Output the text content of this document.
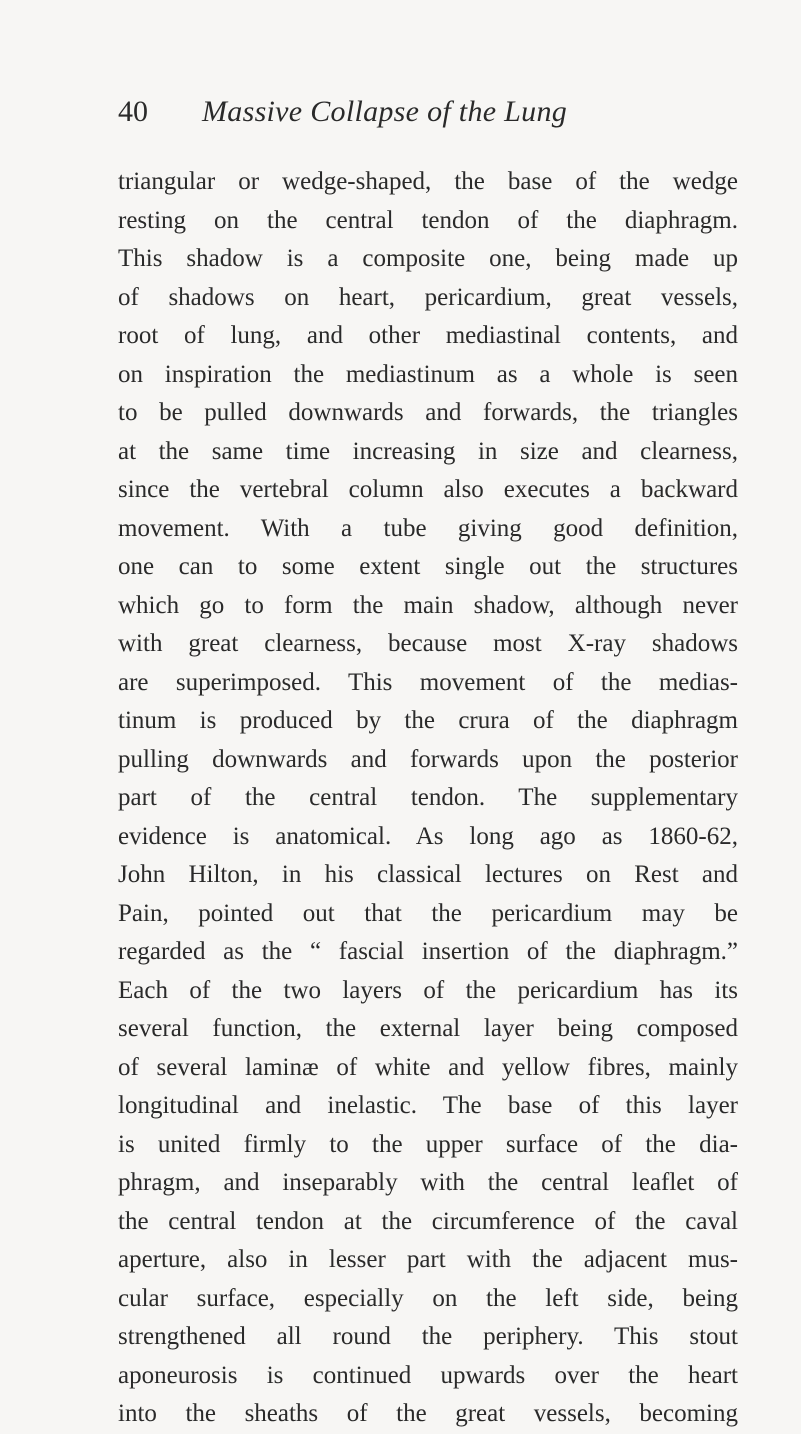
40 Massive Collapse of the Lung
triangular or wedge-shaped, the base of the wedge
resting on the central tendon of the diaphragm.
This shadow is a composite one, being made up
of shadows on heart, pericardium, great vessels,
root of lung, and other mediastinal contents, and
on inspiration the mediastinum as a whole is seen
to be pulled downwards and forwards, the triangles
at the same time increasing in size and clearness,
since the vertebral column also executes a backward
movement. With a tube giving good definition,
one can to some extent single out the structures
which go to form the main shadow, although never
with great clearness, because most X-ray shadows
are superimposed. This movement of the medias-
tinum is produced by the crura of the diaphragm
pulling downwards and forwards upon the posterior
part of the central tendon. The supplementary
evidence is anatomical. As long ago as 1860-62,
John Hilton, in his classical lectures on Rest and
Pain, pointed out that the pericardium may be
regarded as the “ fascial insertion of the diaphragm.”
Each of the two layers of the pericardium has its
several function, the external layer being composed
of several laminæ of white and yellow fibres, mainly
longitudinal and inelastic. The base of this layer
is united firmly to the upper surface of the dia-
phragm, and inseparably with the central leaflet of
the central tendon at the circumference of the caval
aperture, also in lesser part with the adjacent mus-
cular surface, especially on the left side, being
strengthened all round the periphery. This stout
aponeurosis is continued upwards over the heart
into the sheaths of the great vessels, becoming
